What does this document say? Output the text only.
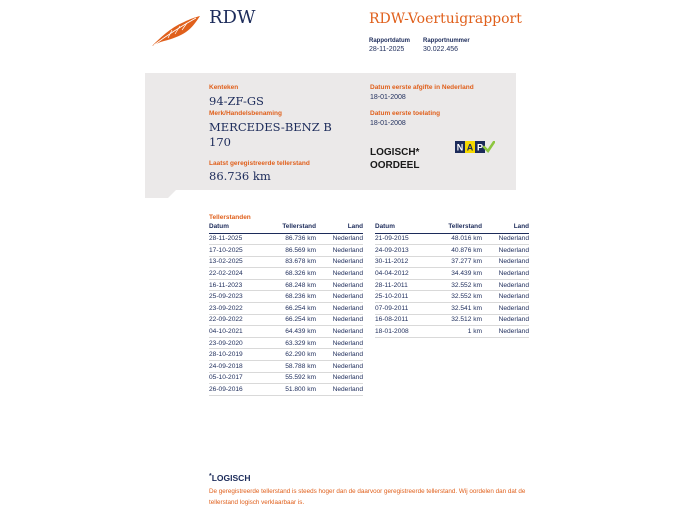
RDW	RDW-Voertuigrapport
Rapportdatum
28-11-2025
Rapportnummer
30.022.456
Kenteken
94-ZF-GS
Merk/Handelsbenaming
MERCEDES-BENZ B
170
Laatst geregistreerde tellerstand
86.736 km
Datum eerste afgifte in Nederland
18-01-2008
Datum eerste toelating
18-01-2008
LOGISCH*
OORDEEL
N A P
Tellerstanden
Datum	Tellerstand	Land
28-11-2025	86.736 km	Nederland
17-10-2025	86.569 km	Nederland
13-02-2025	83.678 km	Nederland
22-02-2024	68.326 km	Nederland
16-11-2023	68.248 km	Nederland
25-09-2023	68.236 km	Nederland
23-09-2022	66.254 km	Nederland
22-09-2022	66.254 km	Nederland
04-10-2021	64.439 km	Nederland
23-09-2020	63.329 km	Nederland
28-10-2019	62.290 km	Nederland
24-09-2018	58.788 km	Nederland
05-10-2017	55.592 km	Nederland
26-09-2016	51.800 km	Nederland
Datum	Tellerstand	Land
21-09-2015	48.016 km	Nederland
24-09-2013	40.876 km	Nederland
30-11-2012	37.277 km	Nederland
04-04-2012	34.439 km	Nederland
28-11-2011	32.552 km	Nederland
25-10-2011	32.552 km	Nederland
07-09-2011	32.541 km	Nederland
16-08-2011	32.512 km	Nederland
18-01-2008	1 km	Nederland
*LOGISCH
De geregistreerde tellerstand is steeds hoger dan de daarvoor geregistreerde tellerstand. Wij oordelen dan dat de tellerstand logisch verklaarbaar is.
